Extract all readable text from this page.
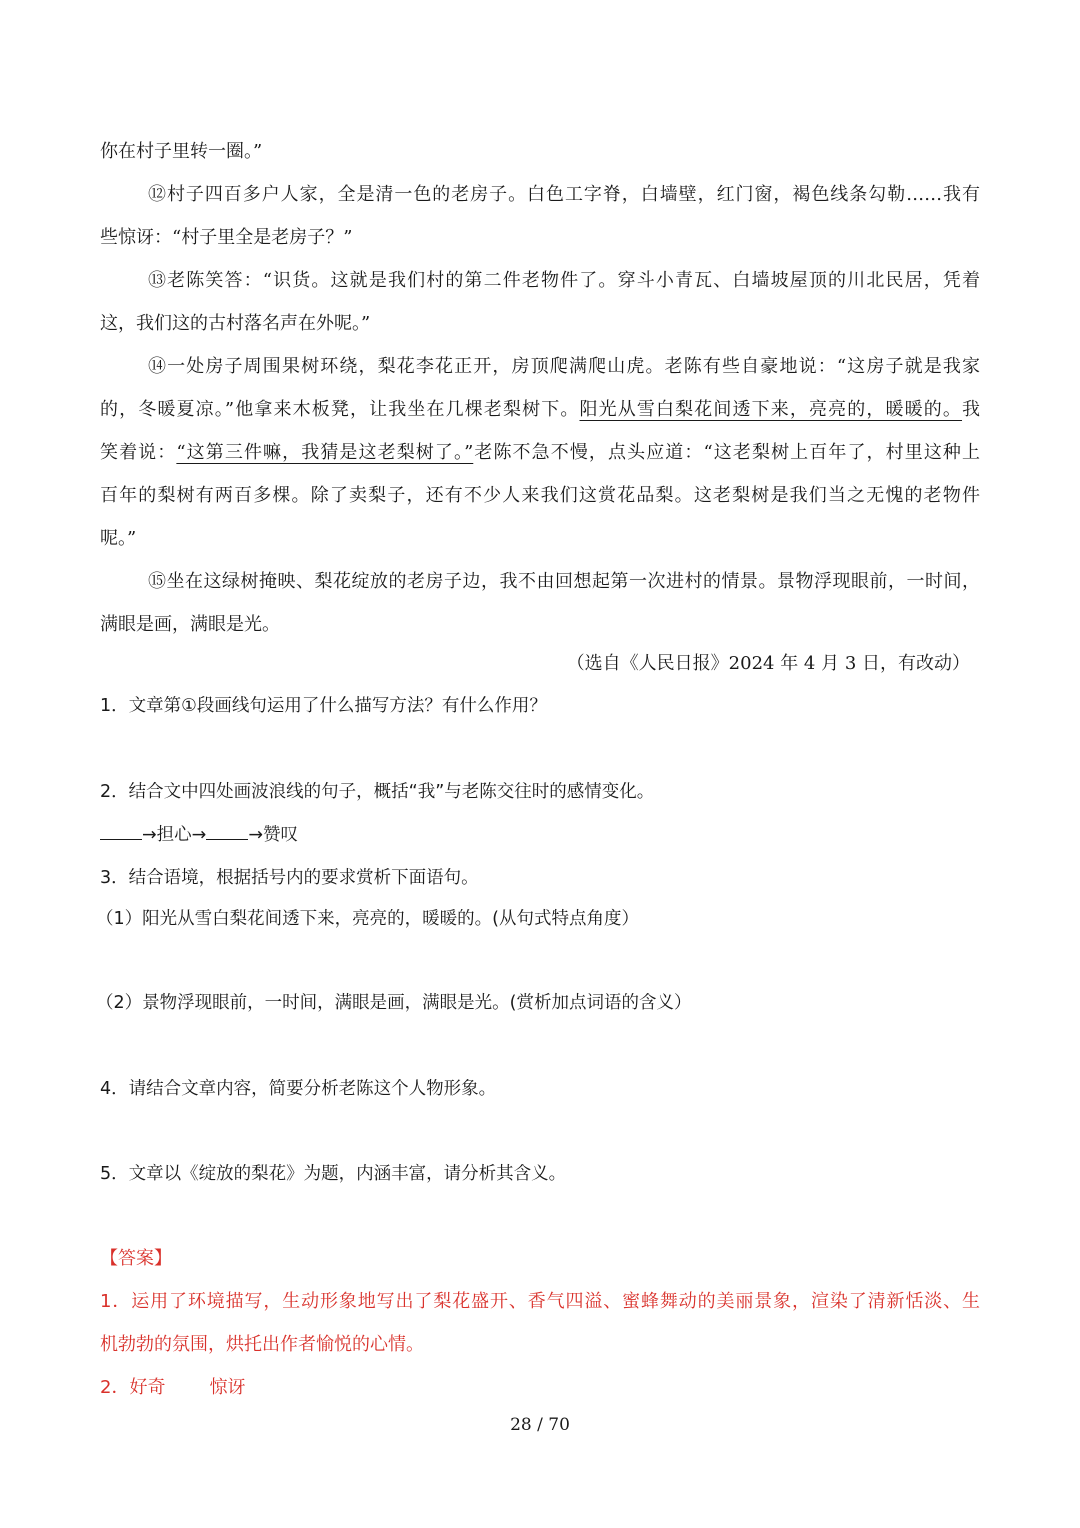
你在村子里转一圈。”
⑫村子四百多户人家，全是清一色的老房子。白色工字脊，白墙壁，红门窗，褐色线条勾勒……我有
些惊讶：“村子里全是老房子？”
⑬老陈笑答：“识货。这就是我们村的第二件老物件了。穿斗小青瓦、白墙坡屋顶的川北民居，凭着
这，我们这的古村落名声在外呢。”
⑭一处房子周围果树环绕，梨花李花正开，房顶爬满爬山虎。老陈有些自豪地说：“这房子就是我家
的，冬暖夏凉。”他拿来木板凳，让我坐在几棵老梨树下。阳光从雪白梨花间透下来，亮亮的，暖暖的。我
笑着说：“这第三件嘛，我猜是这老梨树了。”老陈不急不慢，点头应道：“这老梨树上百年了，村里这种上
百年的梨树有两百多棵。除了卖梨子，还有不少人来我们这赏花品梨。这老梨树是我们当之无愧的老物件
呢。”
⑮坐在这绿树掩映、梨花绽放的老房子边，我不由回想起第一次进村的情景。景物浮现眼前，一时间，
满眼是画，满眼是光。
（选自《人民日报》2024 年 4 月 3 日，有改动）
1．文章第①段画线句运用了什么描写方法？有什么作用？
2．结合文中四处画波浪线的句子，概括“我”与老陈交往时的感情变化。
→担心→ →赞叹
3．结合语境，根据括号内的要求赏析下面语句。
（1）阳光从雪白梨花间透下来，亮亮的，暖暖的。(从句式特点角度）
（2）景物浮现眼前，一时间，满眼是画，满眼是光。(赏析加点词语的含义）
4．请结合文章内容，简要分析老陈这个人物形象。
5．文章以《绽放的梨花》为题，内涵丰富，请分析其含义。
【答案】
1．运用了环境描写，生动形象地写出了梨花盛开、香气四溢、蜜蜂舞动的美丽景象，渲染了清新恬淡、生
机勃勃的氛围，烘托出作者愉悦的心情。
2．好奇 惊讶
28 / 70
